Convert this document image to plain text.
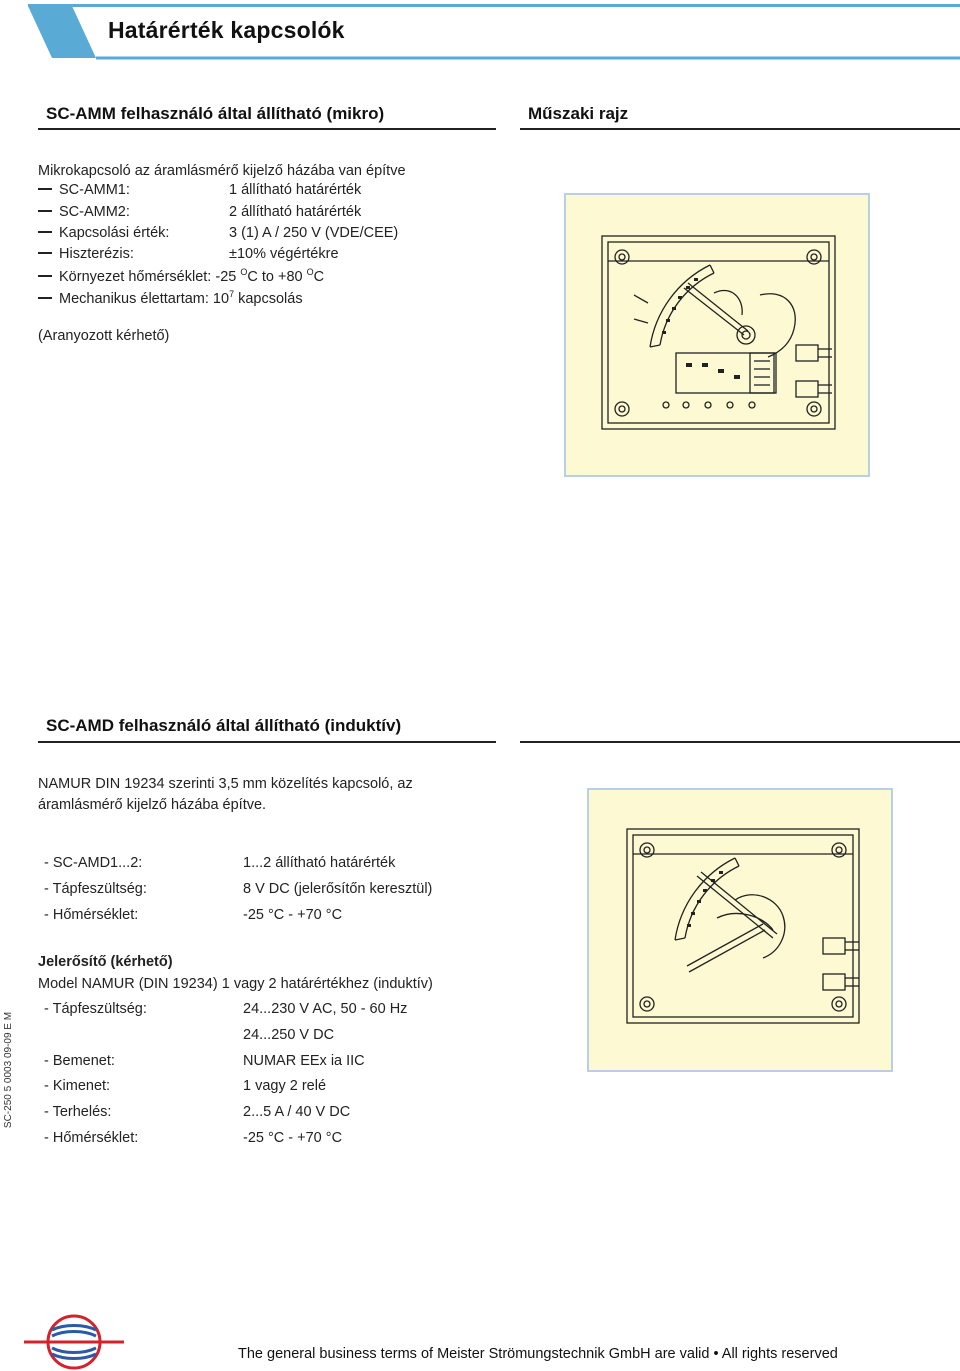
Határérték kapcsolók
SC-AMM felhasználó által állítható (mikro)	Műszaki rajz
Mikrokapcsoló az áramlásmérő kijelző házába van építve
SC-AMM1:	1 állítható határérték
SC-AMM2:	2 állítható határérték
Kapcsolási érték:	3 (1) A / 250 V (VDE/CEE)
Hiszterézis:	±10% végértékre
Környezet hőmérséklet: -25 $^O$C to +80 $^O$C
Mechanikus élettartam: $10^7$ kapcsolás
(Aranyozott kérhető)
SC-AMD felhasználó által állítható (induktív)
NAMUR DIN 19234 szerinti 3,5 mm közelítés kapcsoló, az
áramlásmérő kijelző házába építve.
- SC-AMD1...2:	1...2 állítható határérték
- Tápfeszültség:	8 V DC (jelerősítőn keresztül)
- Hőmérséklet:	-25 °C - +70 °C
Jelerősítő (kérhető)
Model NAMUR (DIN 19234) 1 vagy 2 határértékhez (induktív)
- Tápfeszültség:	24...230 V AC, 50 - 60 Hz
24...250 V DC
- Bemenet:	NUMAR EEx ia IIC
- Kimenet:	1 vagy 2 relé
- Terhelés:	2...5 A / 40 V DC
- Hőmérséklet:	-25 °C - +70 °C
SC-250 5 0003 09-09 E M
The general business terms of Meister Strömungstechnik GmbH are valid • All rights reserved
